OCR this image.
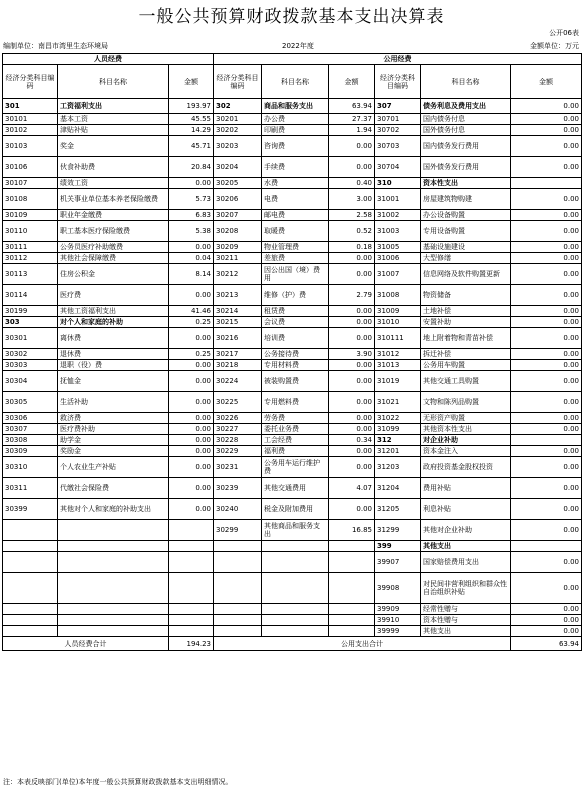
一般公共预算财政拨款基本支出决算表
公开06表
编制单位：南昌市湾里生态环境局	2022年度	金额单位：万元
人员经费			公用经费					
经济分类科目编码	科目名称	金额	经济分类科目编码	科目名称	金额	经济分类科目编码	科目名称	金额
301	工资福利支出	193.97	302	商品和服务支出	63.94	307	债务利息及费用支出	0.00
30101	基本工资	45.55	30201	办公费	27.37	30701	国内债务付息	0.00
30102	津贴补贴	14.29	30202	印刷费	1.94	30702	国外债务付息	0.00
30103	奖金	45.71	30203	咨询费	0.00	30703	国内债务发行费用	0.00
30106	伙食补助费	20.84	30204	手续费	0.00	30704	国外债务发行费用	0.00
30107	绩效工资	0.00	30205	水费	0.40	310	资本性支出	
30108	机关事业单位基本养老保险缴费	5.73	30206	电费	3.00	31001	房屋建筑物购建	0.00
30109	职业年金缴费	6.83	30207	邮电费	2.58	31002	办公设备购置	0.00
30110	职工基本医疗保险缴费	5.38	30208	取暖费	0.52	31003	专用设备购置	0.00
30111	公务员医疗补助缴费	0.00	30209	物业管理费	0.18	31005	基础设施建设	0.00
30112	其他社会保障缴费	0.04	30211	差旅费	0.00	31006	大型修缮	0.00
30113	住房公积金	8.14	30212	因公出国（境）费用	0.00	31007	信息网络及软件购置更新	0.00
30114	医疗费	0.00	30213	维修（护）费	2.79	31008	物资储备	0.00
30199	其他工资福利支出	41.46	30214	租赁费	0.00	31009	土地补偿	0.00
303	对个人和家庭的补助	0.25	30215	会议费	0.00	31010	安置补助	0.00
30301	离休费	0.00	30216	培训费	0.00	310111	地上附着物和青苗补偿	0.00
30302	退休费	0.25	30217	公务接待费	3.90	31012	拆迁补偿	0.00
30303	退职（役）费	0.00	30218	专用材料费	0.00	31013	公务用车购置	0.00
30304	抚恤金	0.00	30224	被装购置费	0.00	31019	其他交通工具购置	0.00
30305	生活补助	0.00	30225	专用燃料费	0.00	31021	文物和陈列品购置	0.00
30306	救济费	0.00	30226	劳务费	0.00	31022	无形资产购置	0.00
30307	医疗费补助	0.00	30227	委托业务费	0.00	31099	其他资本性支出	0.00
30308	助学金	0.00	30228	工会经费	0.34	312	对企业补助	
30309	奖励金	0.00	30229	福利费	0.00	31201	资本金注入	0.00
30310	个人农业生产补贴	0.00	30231	公务用车运行维护费	0.00	31203	政府投资基金股权投资	0.00
30311	代缴社会保险费	0.00	30239	其他交通费用	4.07	31204	费用补贴	0.00
30399	其他对个人和家庭的补助支出	0.00	30240	税金及附加费用	0.00	31205	利息补贴	0.00
			30299	其他商品和服务支出	16.85	31299	其他对企业补助	0.00
						399	其他支出	
						39907	国家赔偿费用支出	0.00
						39908	对民间非营利组织和群众性自治组织补贴	0.00
						39909	经常性赠与	0.00
						39910	资本性赠与	0.00
						39999	其他支出	0.00
人员经费合计		194.23	公用支出合计					63.94
注：本表反映部门(单位)本年度一般公共预算财政拨款基本支出明细情况。
